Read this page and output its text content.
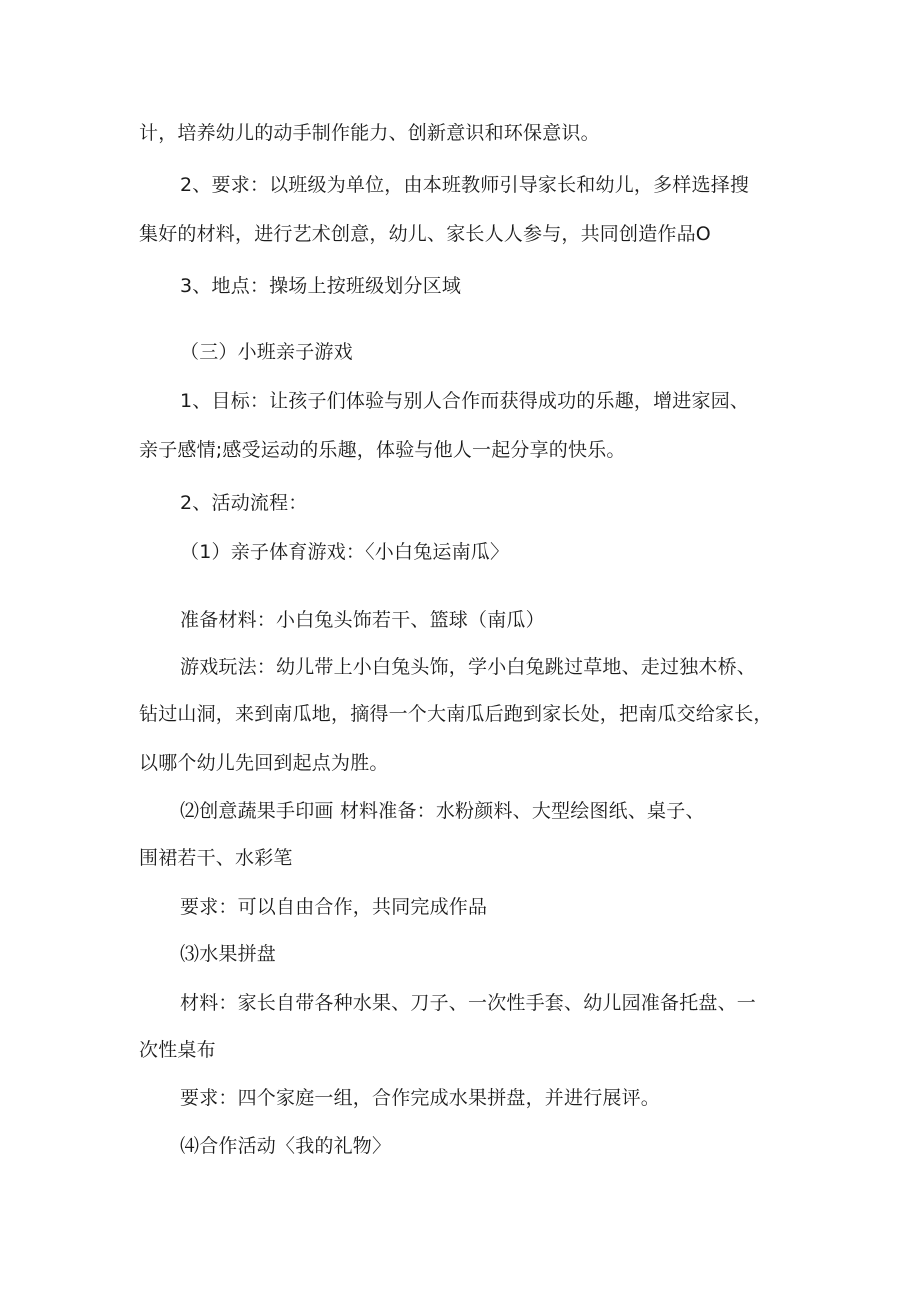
计，培养幼儿的动手制作能力、创新意识和环保意识。
2、要求：以班级为单位，由本班教师引导家长和幼儿，多样选择搜
集好的材料，进行艺术创意，幼儿、家长人人参与，共同创造作品O
3、地点：操场上按班级划分区域
（三）小班亲子游戏
1、目标：让孩子们体验与别人合作而获得成功的乐趣，增进家园、
亲子感情;感受运动的乐趣，体验与他人一起分享的快乐。
2、活动流程：
（1）亲子体育游戏：〈小白兔运南瓜〉
准备材料：小白兔头饰若干、篮球（南瓜）
游戏玩法：幼儿带上小白兔头饰，学小白兔跳过草地、走过独木桥、
钻过山洞，来到南瓜地，摘得一个大南瓜后跑到家长处，把南瓜交给家长，
以哪个幼儿先回到起点为胜。
⑵创意蔬果手印画 材料准备：水粉颜料、大型绘图纸、桌子、
围裙若干、水彩笔
要求：可以自由合作，共同完成作品
⑶水果拼盘
材料：家长自带各种水果、刀子、一次性手套、幼儿园准备托盘、一
次性桌布
要求：四个家庭一组，合作完成水果拼盘，并进行展评。
⑷合作活动〈我的礼物〉
